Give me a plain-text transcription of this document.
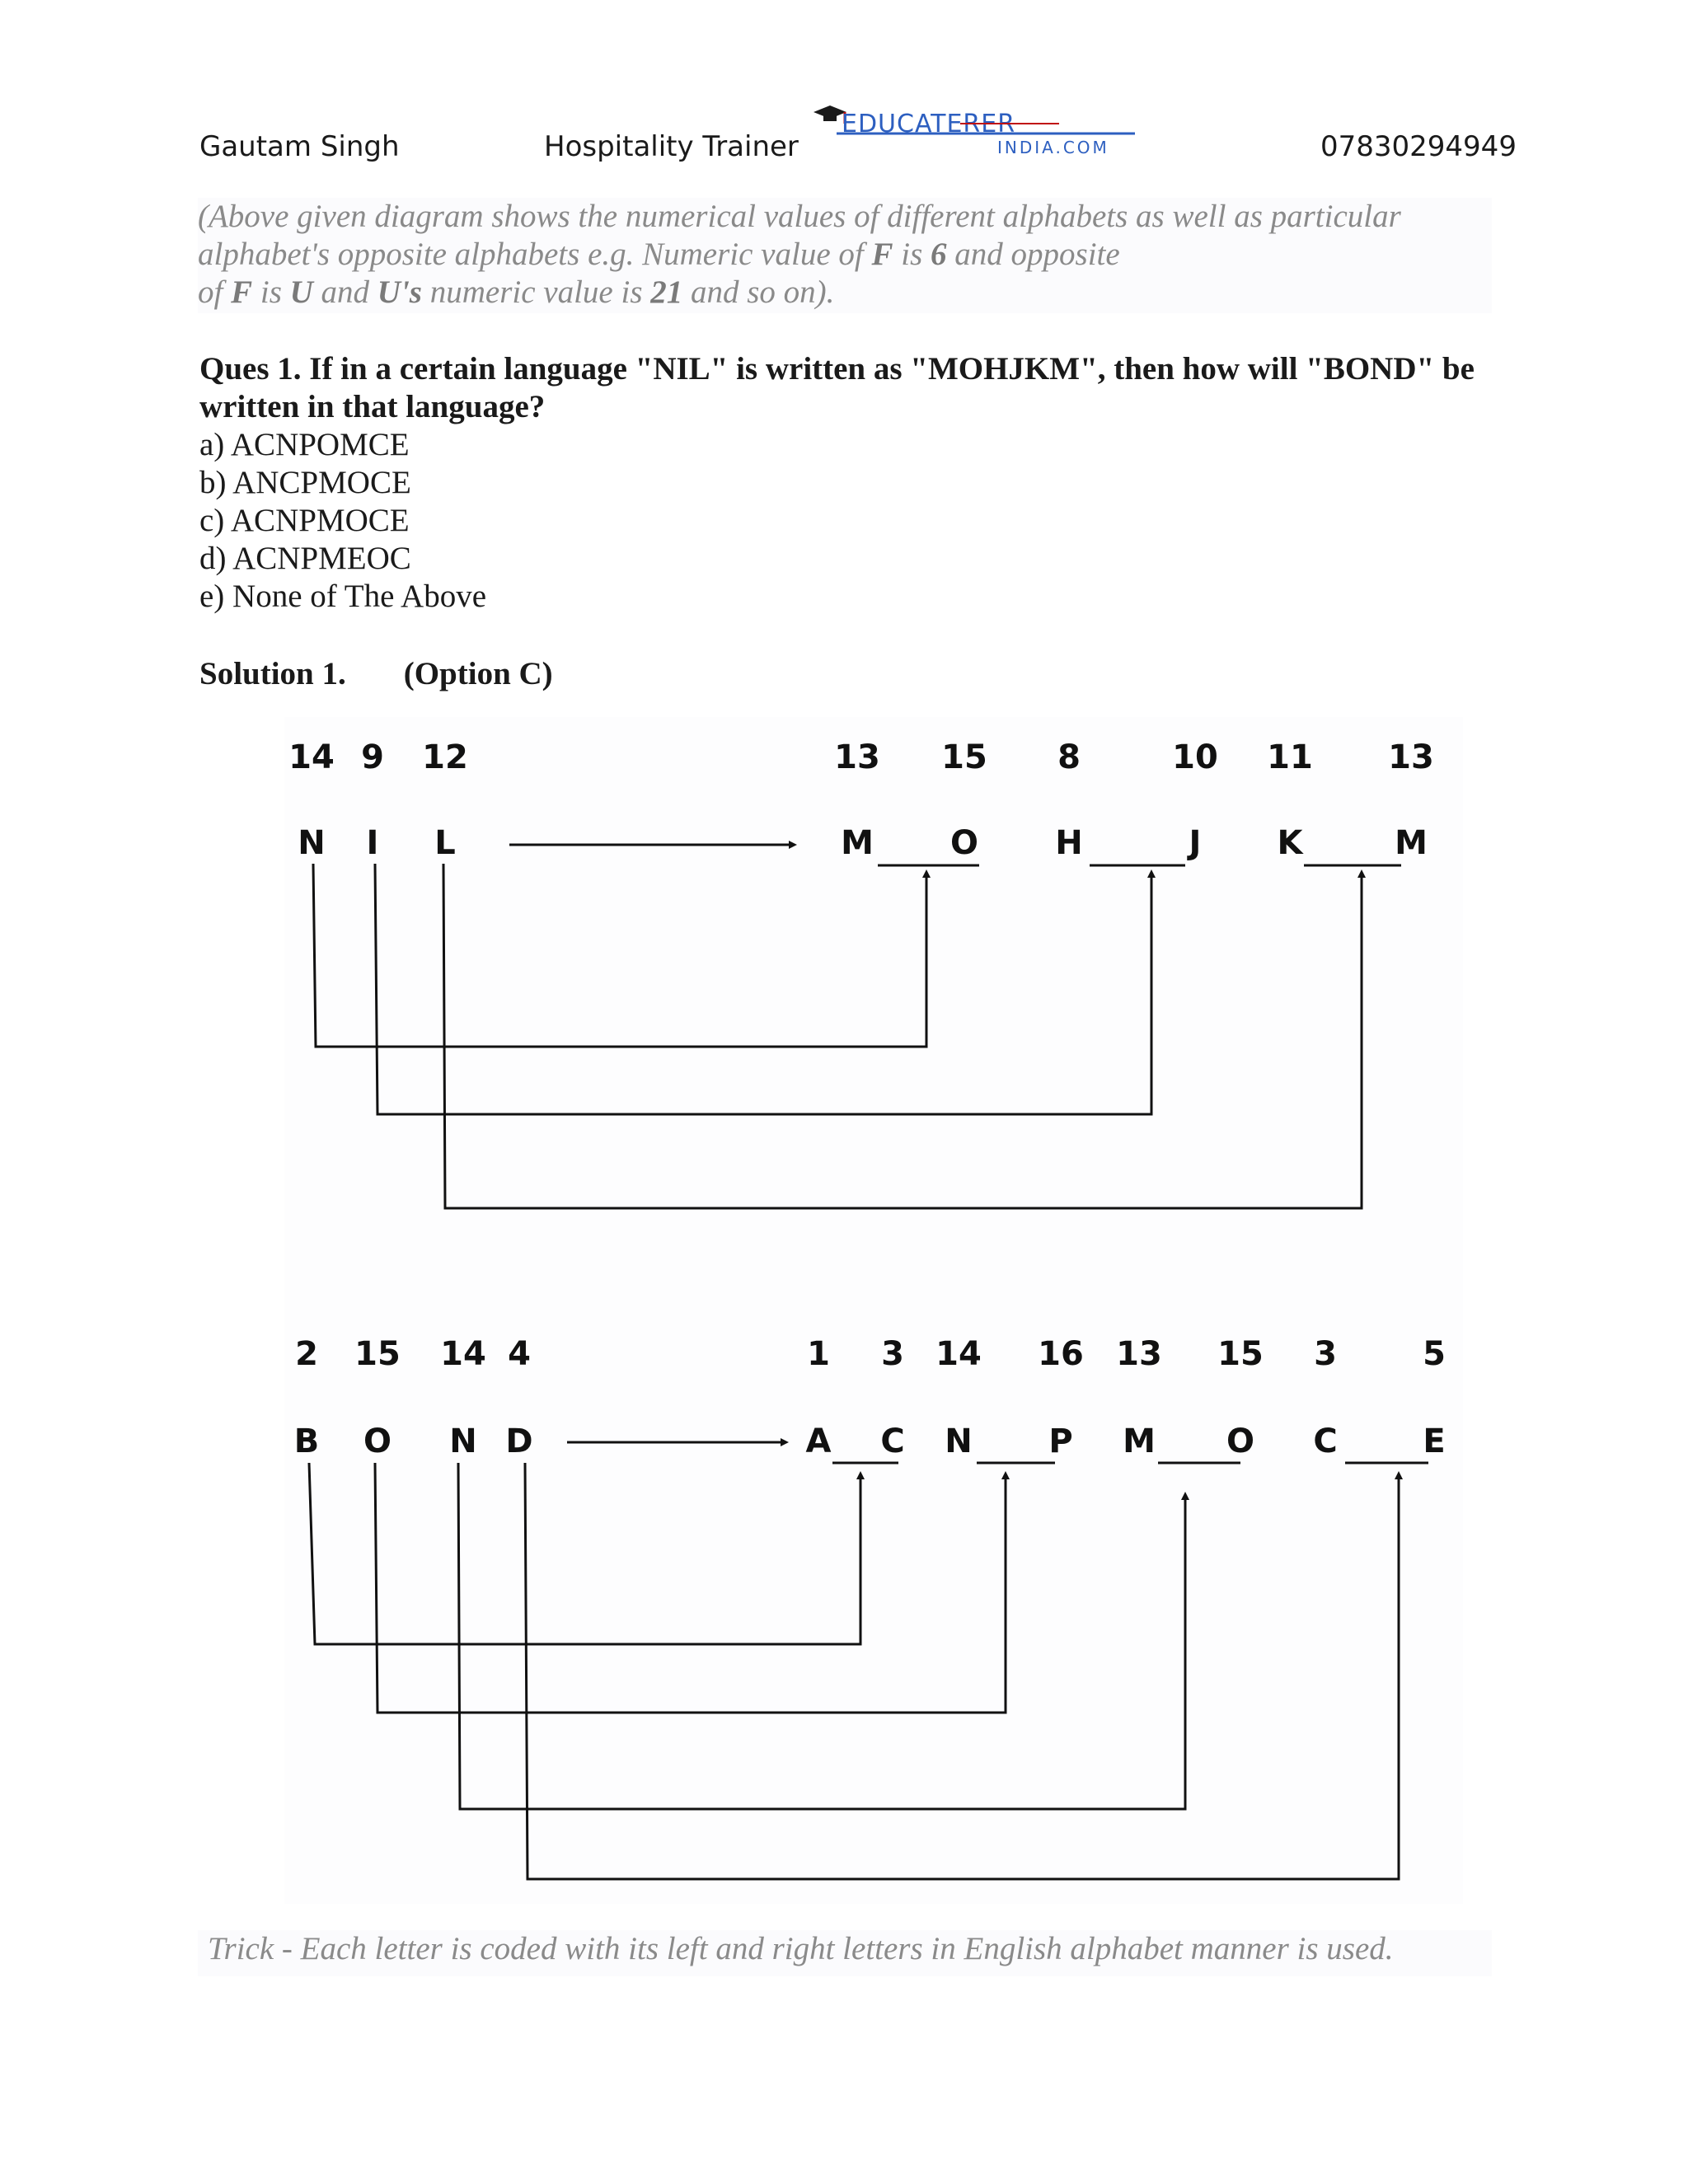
Gautam Singh	Hospitality Trainer	07830294949
EDUCATERER
INDIA.COM

(Above given diagram shows the numerical values of different alphabets as well as particular

alphabet's opposite alphabets e.g. Numeric value of F is 6 and opposite

of F is U and U's numeric value is 21 and so on).

Ques 1. If in a certain language "NIL" is written as "MOHJKM", then how will "BOND" be written in that language?
a) ACNPOMCE
b) ANCPMOCE
c) ACNPMOCE
d) ACNPMEOC
e) None of The Above
Solution 1. (Option C)
14 9 12
N I L
13 15 8	10 11 13
M O H	J K	M
2 15 14 4
B O N D
1 3 14 16 13 15 3	5
A C N P M O C	E
Trick - Each letter is coded with its left and right letters in English alphabet manner is used.
